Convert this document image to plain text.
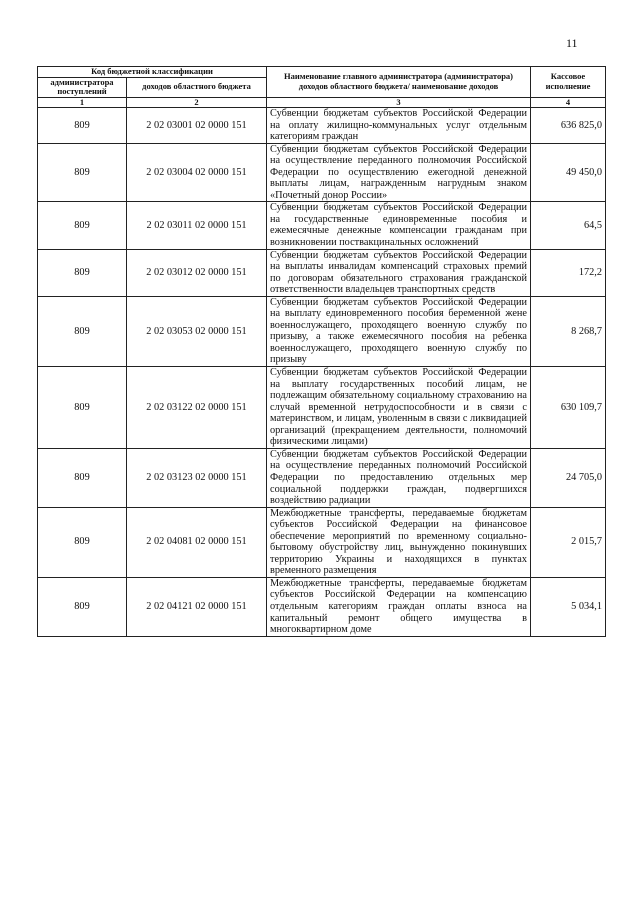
11
Код бюджетной классификации		Наименование главного администратора (администратора) доходов областного бюджета/ наименование доходов	Кассовое исполнение
администратора поступлений	доходов областного бюджета		
1	2	3	4
809	2 02 03001 02 0000 151	Субвенции бюджетам субъектов Российской Федерации на оплату жилищно-коммунальных услуг отдельным категориям граждан	636 825,0
809	2 02 03004 02 0000 151	Субвенции бюджетам субъектов Российской Федерации на осуществление переданного полномочия Российской Федерации по осуществлению ежегодной денежной выплаты лицам, награжденным нагрудным знаком «Почетный донор России»	49 450,0
809	2 02 03011 02 0000 151	Субвенции бюджетам субъектов Российской Федерации на государственные единовременные пособия и ежемесячные денежные компенсации гражданам при возникновении поствакцинальных осложнений	64,5
809	2 02 03012 02 0000 151	Субвенции бюджетам субъектов Российской Федерации на выплаты инвалидам компенсаций страховых премий по договорам обязательного страхования гражданской ответственности владельцев транспортных средств	172,2
809	2 02 03053 02 0000 151	Субвенции бюджетам субъектов Российской Федерации на выплату единовременного пособия беременной жене военнослужащего, проходящего военную службу по призыву, а также ежемесячного пособия на ребенка военнослужащего, проходящего военную службу по призыву	8 268,7
809	2 02 03122 02 0000 151	Субвенции бюджетам субъектов Российской Федерации на выплату государственных пособий лицам, не подлежащим обязательному социальному страхованию на случай временной нетрудоспособности и в связи с материнством, и лицам, уволенным в связи с ликвидацией организаций (прекращением деятельности, полномочий физическими лицами)	630 109,7
809	2 02 03123 02 0000 151	Субвенции бюджетам субъектов Российской Федерации на осуществление переданных полномочий Российской Федерации по предоставлению отдельных мер социальной поддержки граждан, подвергшихся воздействию радиации	24 705,0
809	2 02 04081 02 0000 151	Межбюджетные трансферты, передаваемые бюджетам субъектов Российской Федерации на финансовое обеспечение мероприятий по временному социально-бытовому обустройству лиц, вынужденно покинувших территорию Украины и находящихся в пунктах временного размещения	2 015,7
809	2 02 04121 02 0000 151	Межбюджетные трансферты, передаваемые бюджетам субъектов Российской Федерации на компенсацию отдельным категориям граждан оплаты взноса на капитальный ремонт общего имущества в многоквартирном доме	5 034,1
